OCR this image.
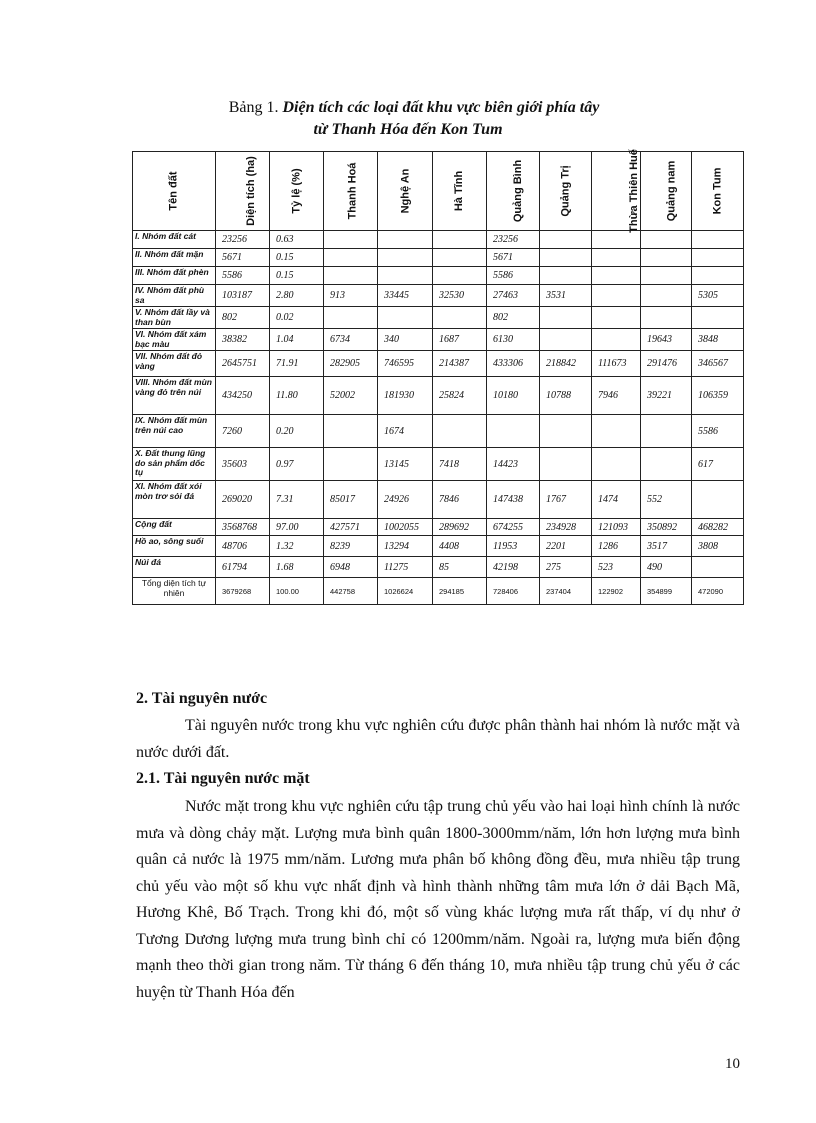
Bảng 1. Diện tích các loại đất khu vực biên giới phía tây
từ Thanh Hóa đến Kon Tum
Tên đất	Diện tích (ha)	Tỷ lệ (%)	Thanh Hoá	Nghệ An	Hà Tĩnh	Quảng Bình	Quảng Trị	Thừa Thiên Huế	Quảng nam	Kon Tum
I. Nhóm đất cát	23256	0.63				23256				
II. Nhóm đất mặn	5671	0.15				5671				
III. Nhóm đất phèn	5586	0.15				5586				
IV. Nhóm đất phù sa	103187	2.80	913	33445	32530	27463	3531			5305
V. Nhóm đất lầy và than bùn	802	0.02				802				
VI. Nhóm đất xám bạc màu	38382	1.04	6734	340	1687	6130			19643	3848
VII. Nhóm đất đỏ vàng	2645751	71.91	282905	746595	214387	433306	218842	111673	291476	346567
VIII. Nhóm đất mùn vàng đỏ trên núi	434250	11.80	52002	181930	25824	10180	10788	7946	39221	106359
IX. Nhóm đất mùn trên núi cao	7260	0.20		1674						5586
X. Đất thung lũng do sản phẩm dốc tụ	35603	0.97		13145	7418	14423				617
XI. Nhóm đất xói mòn trơ sỏi đá	269020	7.31	85017	24926	7846	147438	1767	1474	552	
Cộng đất	3568768	97.00	427571	1002055	289692	674255	234928	121093	350892	468282
Hồ ao, sông suối	48706	1.32	8239	13294	4408	11953	2201	1286	3517	3808
Núi đá	61794	1.68	6948	11275	85	42198	275	523	490	
Tổng diện tích tự nhiên	3679268	100.00	442758	1026624	294185	728406	237404	122902	354899	472090
2. Tài nguyên nước
Tài nguyên nước trong khu vực nghiên cứu được phân thành hai nhóm là nước mặt và nước dưới đất.
2.1. Tài nguyên nước mặt
Nước mặt trong khu vực nghiên cứu tập trung chủ yếu vào hai loại hình chính là nước mưa và dòng chảy mặt. Lượng mưa bình quân 1800-3000mm/năm, lớn hơn lượng mưa bình quân cả nước là 1975 mm/năm. Lương mưa phân bố không đồng đều, mưa nhiều tập trung chủ yếu vào một số khu vực nhất định và hình thành những tâm mưa lớn ở dải Bạch Mã, Hương Khê, Bố Trạch. Trong khi đó, một số vùng khác lượng mưa rất thấp, ví dụ như ở Tương Dương lượng mưa trung bình chỉ có 1200mm/năm. Ngoài ra, lượng mưa biến động mạnh theo thời gian trong năm. Từ tháng 6 đến tháng 10, mưa nhiều tập trung chủ yếu ở các huyện từ Thanh Hóa đến
10
